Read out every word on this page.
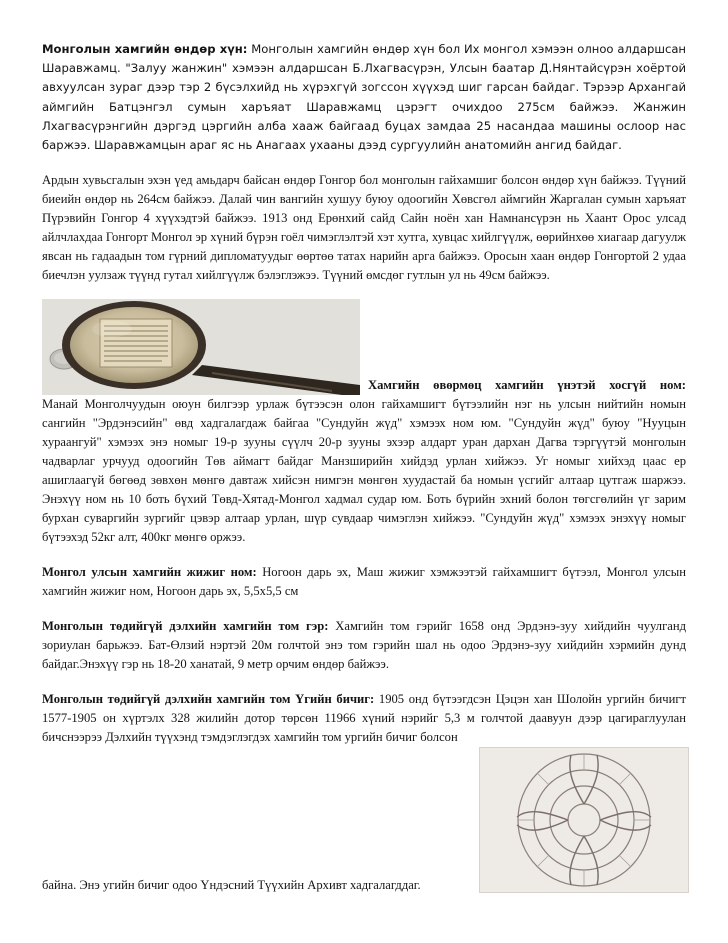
Монголын хамгийн өндөр хүн: Монголын хамгийн өндөр хүн бол Их монгол хэмээн олноо алдаршсан Шаравжамц. "Залуу жанжин" хэмээн алдаршсан Б.Лхагвасүрэн, Улсын баатар Д.Нянтайсүрэн хоёртой авхуулсан зураг дээр тэр 2 бүсэлхийд нь хүрэхгүй зогссон хүүхэд шиг гарсан байдаг. Тэрээр Архангай аймгийн Батцэнгэл сумын харъяат Шаравжамц цэрэгт очихдоо 275см байжээ. Жанжин Лхагвасүрэнгийн дэргэд цэргийн алба хааж байгаад буцах замдаа 25 насандаа машины ослоор нас баржээ. Шаравжамцын араг яс нь Анагаах ухааны дээд сургуулийн анатомийн ангид байдаг.

Ардын хувьсгалын эхэн үед амьдарч байсан өндөр Гонгор бол монголын гайхамшиг болсон өндөр хүн байжээ. Түүний биеийн өндөр нь 264см байжээ. Далай чин вангийн хушуу буюу одоогийн Хөвсгөл аймгийн Жаргалан сумын харъяат Пүрэвийн Гонгор 4 хүүхэдтэй байжээ. 1913 онд Ерөнхий сайд Сайн ноён хан Намнансүрэн нь Хаант Орос улсад айлчлахдаа Гонгорт Монгол эр хүний бүрэн гоёл чимэглэлтэй хэт хутга, хувцас хийлгүүлж, өөрийнхөө хиагаар дагуулж явсан нь гадаадын том гүрний дипломатуудыг өөртөө татах нарийн арга байжээ. Оросын хаан өндөр Гонгортой 2 удаа биечлэн уулзаж түүнд гутал хийлгүүлж бэлэглэжээ. Түүний өмсдөг гутлын ул нь 49см байжээ.

Хамгийн өвөрмөц хамгийн үнэтэй хосгүй ном:

Манай Монголчуудын оюун билгээр урлаж бүтээсэн олон гайхамшигт бүтээлийн нэг нь улсын нийтийн номын сангийн "Эрдэнэсийн" өвд хадгалагдаж байгаа "Сундуйн жүд" хэмээх ном юм. "Сундуйн жүд" буюу "Нууцын хураангуй" хэмээх энэ номыг 19-р зууны сүүлч 20-р зууны эхээр алдарт уран дархан Дагва тэргүүтэй монголын чадварлаг урчууд одоогийн Төв аймагт байдаг Манзширийн хийдэд урлан хийжээ. Уг номыг хийхэд цаас ер ашиглаагүй бөгөөд зөвхөн мөнгө давтаж хийсэн нимгэн мөнгөн хуудастай ба номын үсгийг алтаар цутгаж шаржээ. Энэхүү ном нь 10 боть бүхий Төвд-Хятад-Монгол хадмал судар юм. Боть бүрийн эхний болон төгсгөлийн үг зарим бурхан суваргийн зургийг цэвэр алтаар урлан, шүр сувдаар чимэглэн хийжээ. "Сундуйн жүд" хэмээх энэхүү номыг бүтээхэд 52кг алт, 400кг мөнгө оржээ.

Монгол улсын хамгийн жижиг ном: Ногоон дарь эх, Маш жижиг хэмжээтэй гайхамшигт бүтээл, Монгол улсын хамгийн жижиг ном, Ногоон дарь эх, 5,5х5,5 см

Монголын төдийгүй дэлхийн хамгийн том гэр: Хамгийн том гэрийг 1658 онд Эрдэнэ-зуу хийдийн чуулганд зориулан барьжээ. Бат-Өлзий нэртэй 20м голчтой энэ том гэрийн шал нь одоо Эрдэнэ-зуу хийдийн хэрмийн дунд байдаг.Энэхүү гэр нь 18-20 ханатай, 9 метр орчим өндөр байжээ.

Монголын төдийгүй дэлхийн хамгийн том Үгийн бичиг: 1905 онд бүтээгдсэн Цэцэн хан Шолойн ургийн бичигт 1577-1905 он хүртэлх 328 жилийн дотор төрсөн 11966 хүний нэрийг 5,3 м голчтой даавуун дээр цагираглуулан бичснээрээ Дэлхийн түүхэнд тэмдэглэгдэх хамгийн том ургийн бичиг болсон

байна. Энэ угийн бичиг одоо Үндэсний Түүхийн Архивт хадгалагддаг.
